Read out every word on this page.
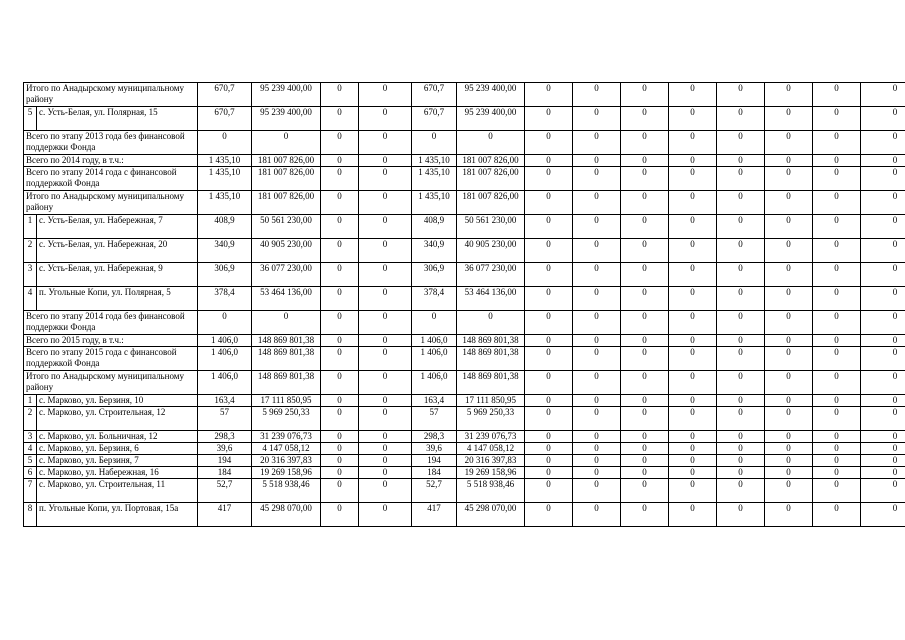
Итого по Анадырскому муниципальному району		670,7	95 239 400,00	0	0	670,7	95 239 400,00	0	0	0	0	0	0	0	0
5	с. Усть-Белая, ул. Полярная, 15	670,7	95 239 400,00	0	0	670,7	95 239 400,00	0	0	0	0	0	0	0	0
Всего по этапу 2013 года без финансовой поддержки Фонда		0	0	0	0	0	0	0	0	0	0	0	0	0	0
Всего по 2014 году, в т.ч.:		1 435,10	181 007 826,00	0	0	1 435,10	181 007 826,00	0	0	0	0	0	0	0	0
Всего по этапу 2014 года с финансовой поддержкой Фонда		1 435,10	181 007 826,00	0	0	1 435,10	181 007 826,00	0	0	0	0	0	0	0	0
Итого по Анадырскому муниципальному району		1 435,10	181 007 826,00	0	0	1 435,10	181 007 826,00	0	0	0	0	0	0	0	0
1	с. Усть-Белая, ул. Набережная, 7	408,9	50 561 230,00	0	0	408,9	50 561 230,00	0	0	0	0	0	0	0	0
2	с. Усть-Белая, ул. Набережная, 20	340,9	40 905 230,00	0	0	340,9	40 905 230,00	0	0	0	0	0	0	0	0
3	с. Усть-Белая, ул. Набережная, 9	306,9	36 077 230,00	0	0	306,9	36 077 230,00	0	0	0	0	0	0	0	0
4	п. Угольные Копи, ул. Полярная, 5	378,4	53 464 136,00	0	0	378,4	53 464 136,00	0	0	0	0	0	0	0	0
Всего по этапу 2014 года без финансовой поддержки Фонда		0	0	0	0	0	0	0	0	0	0	0	0	0	0
Всего по 2015 году, в т.ч.:		1 406,0	148 869 801,38	0	0	1 406,0	148 869 801,38	0	0	0	0	0	0	0	0
Всего по этапу 2015 года с финансовой поддержкой Фонда		1 406,0	148 869 801,38	0	0	1 406,0	148 869 801,38	0	0	0	0	0	0	0	0
Итого по Анадырскому муниципальному району		1 406,0	148 869 801,38	0	0	1 406,0	148 869 801,38	0	0	0	0	0	0	0	0
1	с. Марково, ул. Берзиня, 10	163,4	17 111 850,95	0	0	163,4	17 111 850,95	0	0	0	0	0	0	0	0
2	с. Марково, ул. Строительная, 12	57	5 969 250,33	0	0	57	5 969 250,33	0	0	0	0	0	0	0	0
3	с. Марково, ул. Больничная, 12	298,3	31 239 076,73	0	0	298,3	31 239 076,73	0	0	0	0	0	0	0	0
4	с. Марково, ул. Берзиня, 6	39,6	4 147 058,12	0	0	39,6	4 147 058,12	0	0	0	0	0	0	0	0
5	с. Марково, ул. Берзиня, 7	194	20 316 397,83	0	0	194	20 316 397,83	0	0	0	0	0	0	0	0
6	с. Марково, ул. Набережная, 16	184	19 269 158,96	0	0	184	19 269 158,96	0	0	0	0	0	0	0	0
7	с. Марково, ул. Строительная, 11	52,7	5 518 938,46	0	0	52,7	5 518 938,46	0	0	0	0	0	0	0	0
8	п. Угольные Копи, ул. Портовая, 15а	417	45 298 070,00	0	0	417	45 298 070,00	0	0	0	0	0	0	0	0
